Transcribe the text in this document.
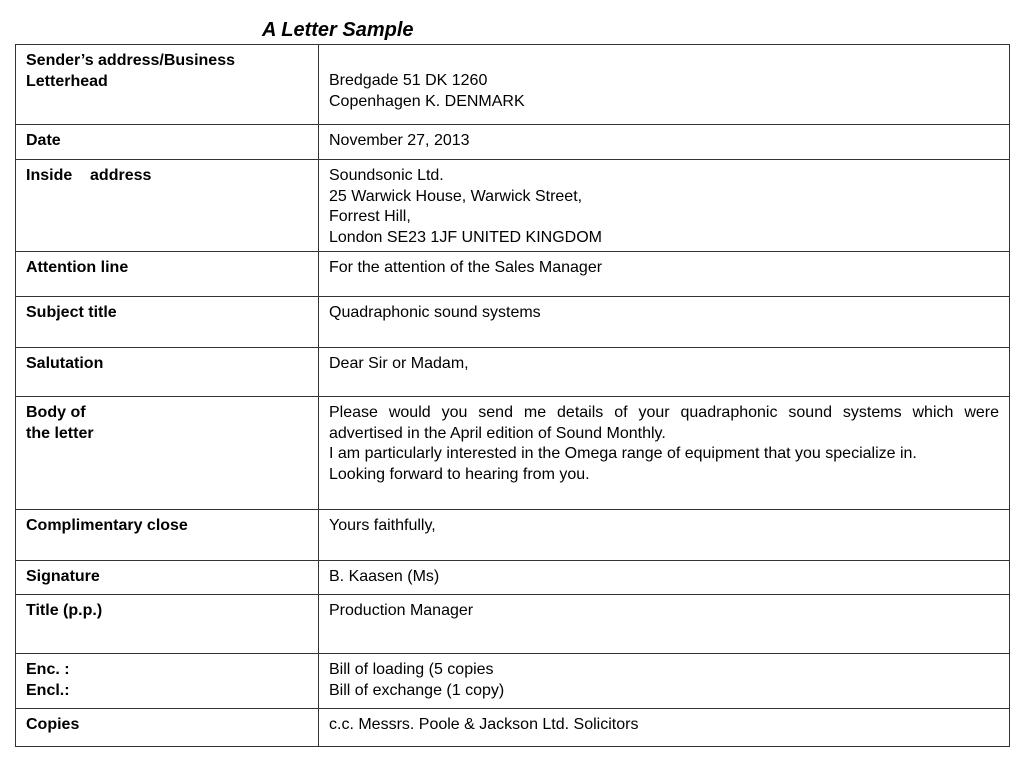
A Letter Sample
Sender’s address/Business
Letterhead	Bredgade 51 DK 1260
Copenhagen K. DENMARK

Date	November 27, 2013

Inside    address	Soundsonic Ltd.
25 Warwick House, Warwick Street,
Forrest Hill,
London SE23 1JF UNITED KINGDOM

Attention line	For the attention of the Sales Manager

Subject title	Quadraphonic sound systems

Salutation	Dear Sir or Madam,

Body of
the letter	Please would you send me details of your quadraphonic sound systems which were
advertised in the April edition of Sound Monthly.
I am particularly interested in the Omega range of equipment that you specialize in.
Looking forward to hearing from you.

Complimentary close	Yours faithfully,

Signature	B. Kaasen (Ms)

Title (p.p.)	Production Manager

Enc. :
Encl.:	Bill of loading (5 copies
Bill of exchange (1 copy)

Copies	c.c. Messrs. Poole & Jackson Ltd. Solicitors
